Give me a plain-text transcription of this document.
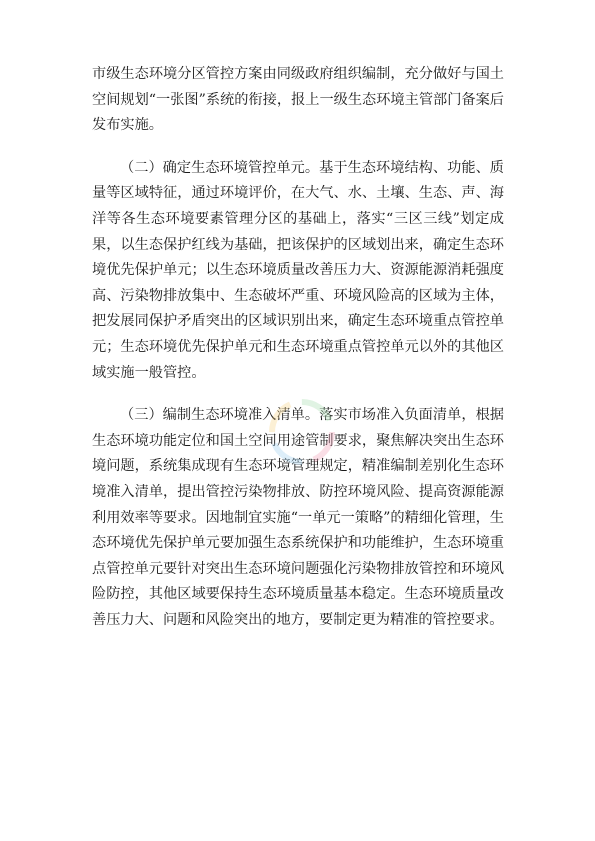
市级生态环境分区管控方案由同级政府组织编制，充分做好与国土空间规划“一张图”系统的衔接，报上一级生态环境主管部门备案后发布实施。

（二）确定生态环境管控单元。基于生态环境结构、功能、质量等区域特征，通过环境评价，在大气、水、土壤、生态、声、海洋等各生态环境要素管理分区的基础上，落实“三区三线”划定成果，以生态保护红线为基础，把该保护的区域划出来，确定生态环境优先保护单元；以生态环境质量改善压力大、资源能源消耗强度高、污染物排放集中、生态破坏严重、环境风险高的区域为主体，把发展同保护矛盾突出的区域识别出来，确定生态环境重点管控单元；生态环境优先保护单元和生态环境重点管控单元以外的其他区域实施一般管控。

（三）编制生态环境准入清单。落实市场准入负面清单，根据生态环境功能定位和国土空间用途管制要求，聚焦解决突出生态环境问题，系统集成现有生态环境管理规定，精准编制差别化生态环境准入清单，提出管控污染物排放、防控环境风险、提高资源能源利用效率等要求。因地制宜实施“一单元一策略”的精细化管理，生态环境优先保护单元要加强生态系统保护和功能维护，生态环境重点管控单元要针对突出生态环境问题强化污染物排放管控和环境风险防控，其他区域要保持生态环境质量基本稳定。生态环境质量改善压力大、问题和风险突出的地方，要制定更为精准的管控要求。
